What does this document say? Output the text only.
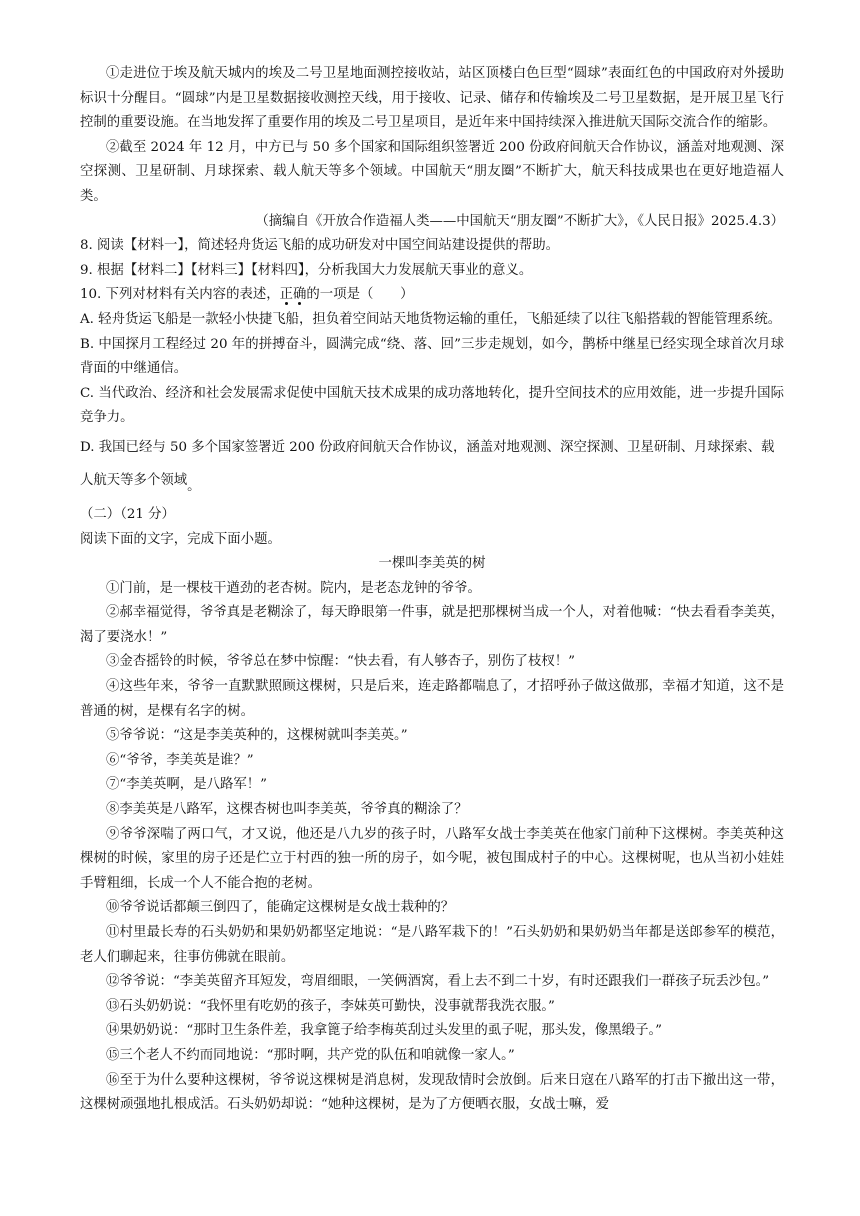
①走进位于埃及航天城内的埃及二号卫星地面测控接收站，站区顶楼白色巨型“圆球”表面红色的中国政府对外援助标识十分醒目。“圆球”内是卫星数据接收测控天线，用于接收、记录、储存和传输埃及二号卫星数据，是开展卫星飞行控制的重要设施。在当地发挥了重要作用的埃及二号卫星项目，是近年来中国持续深入推进航天国际交流合作的缩影。

②截至 2024 年 12 月，中方已与 50 多个国家和国际组织签署近 200 份政府间航天合作协议，涵盖对地观测、深空探测、卫星研制、月球探索、载人航天等多个领域。中国航天“朋友圈”不断扩大，航天科技成果也在更好地造福人类。

（摘编自《开放合作造福人类——中国航天“朋友圈”不断扩大》，《人民日报》2025.4.3）

8. 阅读【材料一】，简述轻舟货运飞船的成功研发对中国空间站建设提供的帮助。

9. 根据【材料二】【材料三】【材料四】，分析我国大力发展航天事业的意义。

10. 下列对材料有关内容的表述，正确的一项是（　　）

A. 轻舟货运飞船是一款轻小快捷飞船，担负着空间站天地货物运输的重任，飞船延续了以往飞船搭载的智能管理系统。

B. 中国探月工程经过 20 年的拼搏奋斗，圆满完成“绕、落、回”三步走规划，如今，鹊桥中继星已经实现全球首次月球背面的中继通信。

C. 当代政治、经济和社会发展需求促使中国航天技术成果的成功落地转化，提升空间技术的应用效能，进一步提升国际竞争力。

D. 我国已经与 50 多个国家签署近 200 份政府间航天合作协议，涵盖对地观测、深空探测、卫星研制、月球探索、载人航天等多个领域。

（二）（21 分）

阅读下面的文字，完成下面小题。

一棵叫李美英的树

①门前，是一棵枝干遒劲的老杏树。院内，是老态龙钟的爷爷。

②郝幸福觉得，爷爷真是老糊涂了，每天睁眼第一件事，就是把那棵树当成一个人，对着他喊：“快去看看李美英，渴了要浇水！”

③金杏摇铃的时候，爷爷总在梦中惊醒：“快去看，有人够杏子，别伤了枝杈！”

④这些年来，爷爷一直默默照顾这棵树，只是后来，连走路都喘息了，才招呼孙子做这做那，幸福才知道，这不是普通的树，是棵有名字的树。

⑤爷爷说：“这是李美英种的，这棵树就叫李美英。”

⑥“爷爷，李美英是谁？”

⑦“李美英啊，是八路军！”

⑧李美英是八路军，这棵杏树也叫李美英，爷爷真的糊涂了？

⑨爷爷深喘了两口气，才又说，他还是八九岁的孩子时，八路军女战士李美英在他家门前种下这棵树。李美英种这棵树的时候，家里的房子还是伫立于村西的独一所的房子，如今呢，被包围成村子的中心。这棵树呢，也从当初小娃娃手臂粗细，长成一个人不能合抱的老树。

⑩爷爷说话都颠三倒四了，能确定这棵树是女战士栽种的？

⑪村里最长寿的石头奶奶和果奶奶都坚定地说：“是八路军栽下的！”石头奶奶和果奶奶当年都是送郎参军的模范，老人们聊起来，往事仿佛就在眼前。

⑫爷爷说：“李美英留齐耳短发，弯眉细眼，一笑俩酒窝，看上去不到二十岁，有时还跟我们一群孩子玩丢沙包。”

⑬石头奶奶说：“我怀里有吃奶的孩子，李妹英可勤快，没事就帮我洗衣服。”

⑭果奶奶说：“那时卫生条件差，我拿篦子给李梅英刮过头发里的虱子呢，那头发，像黑缎子。”

⑮三个老人不约而同地说：“那时啊，共产党的队伍和咱就像一家人。”

⑯至于为什么要种这棵树，爷爷说这棵树是消息树，发现敌情时会放倒。后来日寇在八路军的打击下撤出这一带，这棵树顽强地扎根成活。石头奶奶却说：“她种这棵树，是为了方便晒衣服，女战士嘛，爱
